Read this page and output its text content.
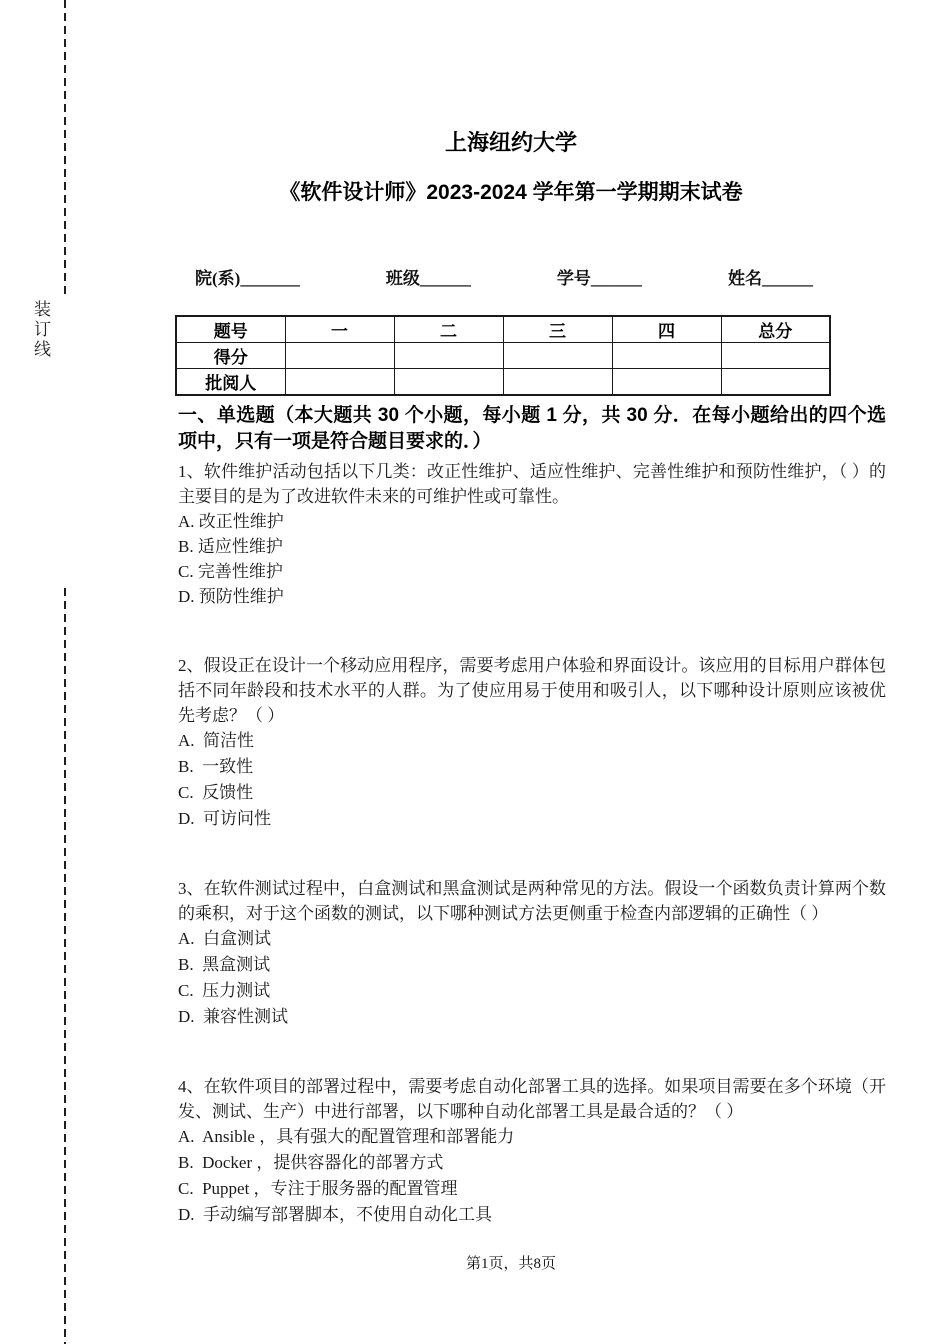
装订线
上海纽约大学
《软件设计师》2023-2024 学年第一学期期末试卷
院(系)_______	班级______	学号______	姓名______
题号	一	二	三	四	总分
得分					
批阅人					
一、单选题（本大题共 30 个小题，每小题 1 分，共 30 分．在每小题给出的四个选项中，只有一项是符合题目要求的．）

1、软件维护活动包括以下几类：改正性维护、适应性维护、完善性维护和预防性维护，（ ）的主要目的是为了改进软件未来的可维护性或可靠性。

A. 改正性维护
B. 适应性维护
C. 完善性维护
D. 预防性维护

2、假设正在设计一个移动应用程序，需要考虑用户体验和界面设计。该应用的目标用户群体包括不同年龄段和技术水平的人群。为了使应用易于使用和吸引人，以下哪种设计原则应该被优先考虑？（ ）

A.  简洁性
B.  一致性
C.  反馈性
D.  可访问性

3、在软件测试过程中，白盒测试和黑盒测试是两种常见的方法。假设一个函数负责计算两个数的乘积，对于这个函数的测试，以下哪种测试方法更侧重于检查内部逻辑的正确性（ ）

A.  白盒测试
B.  黑盒测试
C.  压力测试
D.  兼容性测试

4、在软件项目的部署过程中，需要考虑自动化部署工具的选择。如果项目需要在多个环境（开发、测试、生产）中进行部署，以下哪种自动化部署工具是最合适的？（ ）

A.  Ansible ，具有强大的配置管理和部署能力
B.  Docker ，提供容器化的部署方式
C.  Puppet ，专注于服务器的配置管理
D.  手动编写部署脚本，不使用自动化工具
第1页，共8页
